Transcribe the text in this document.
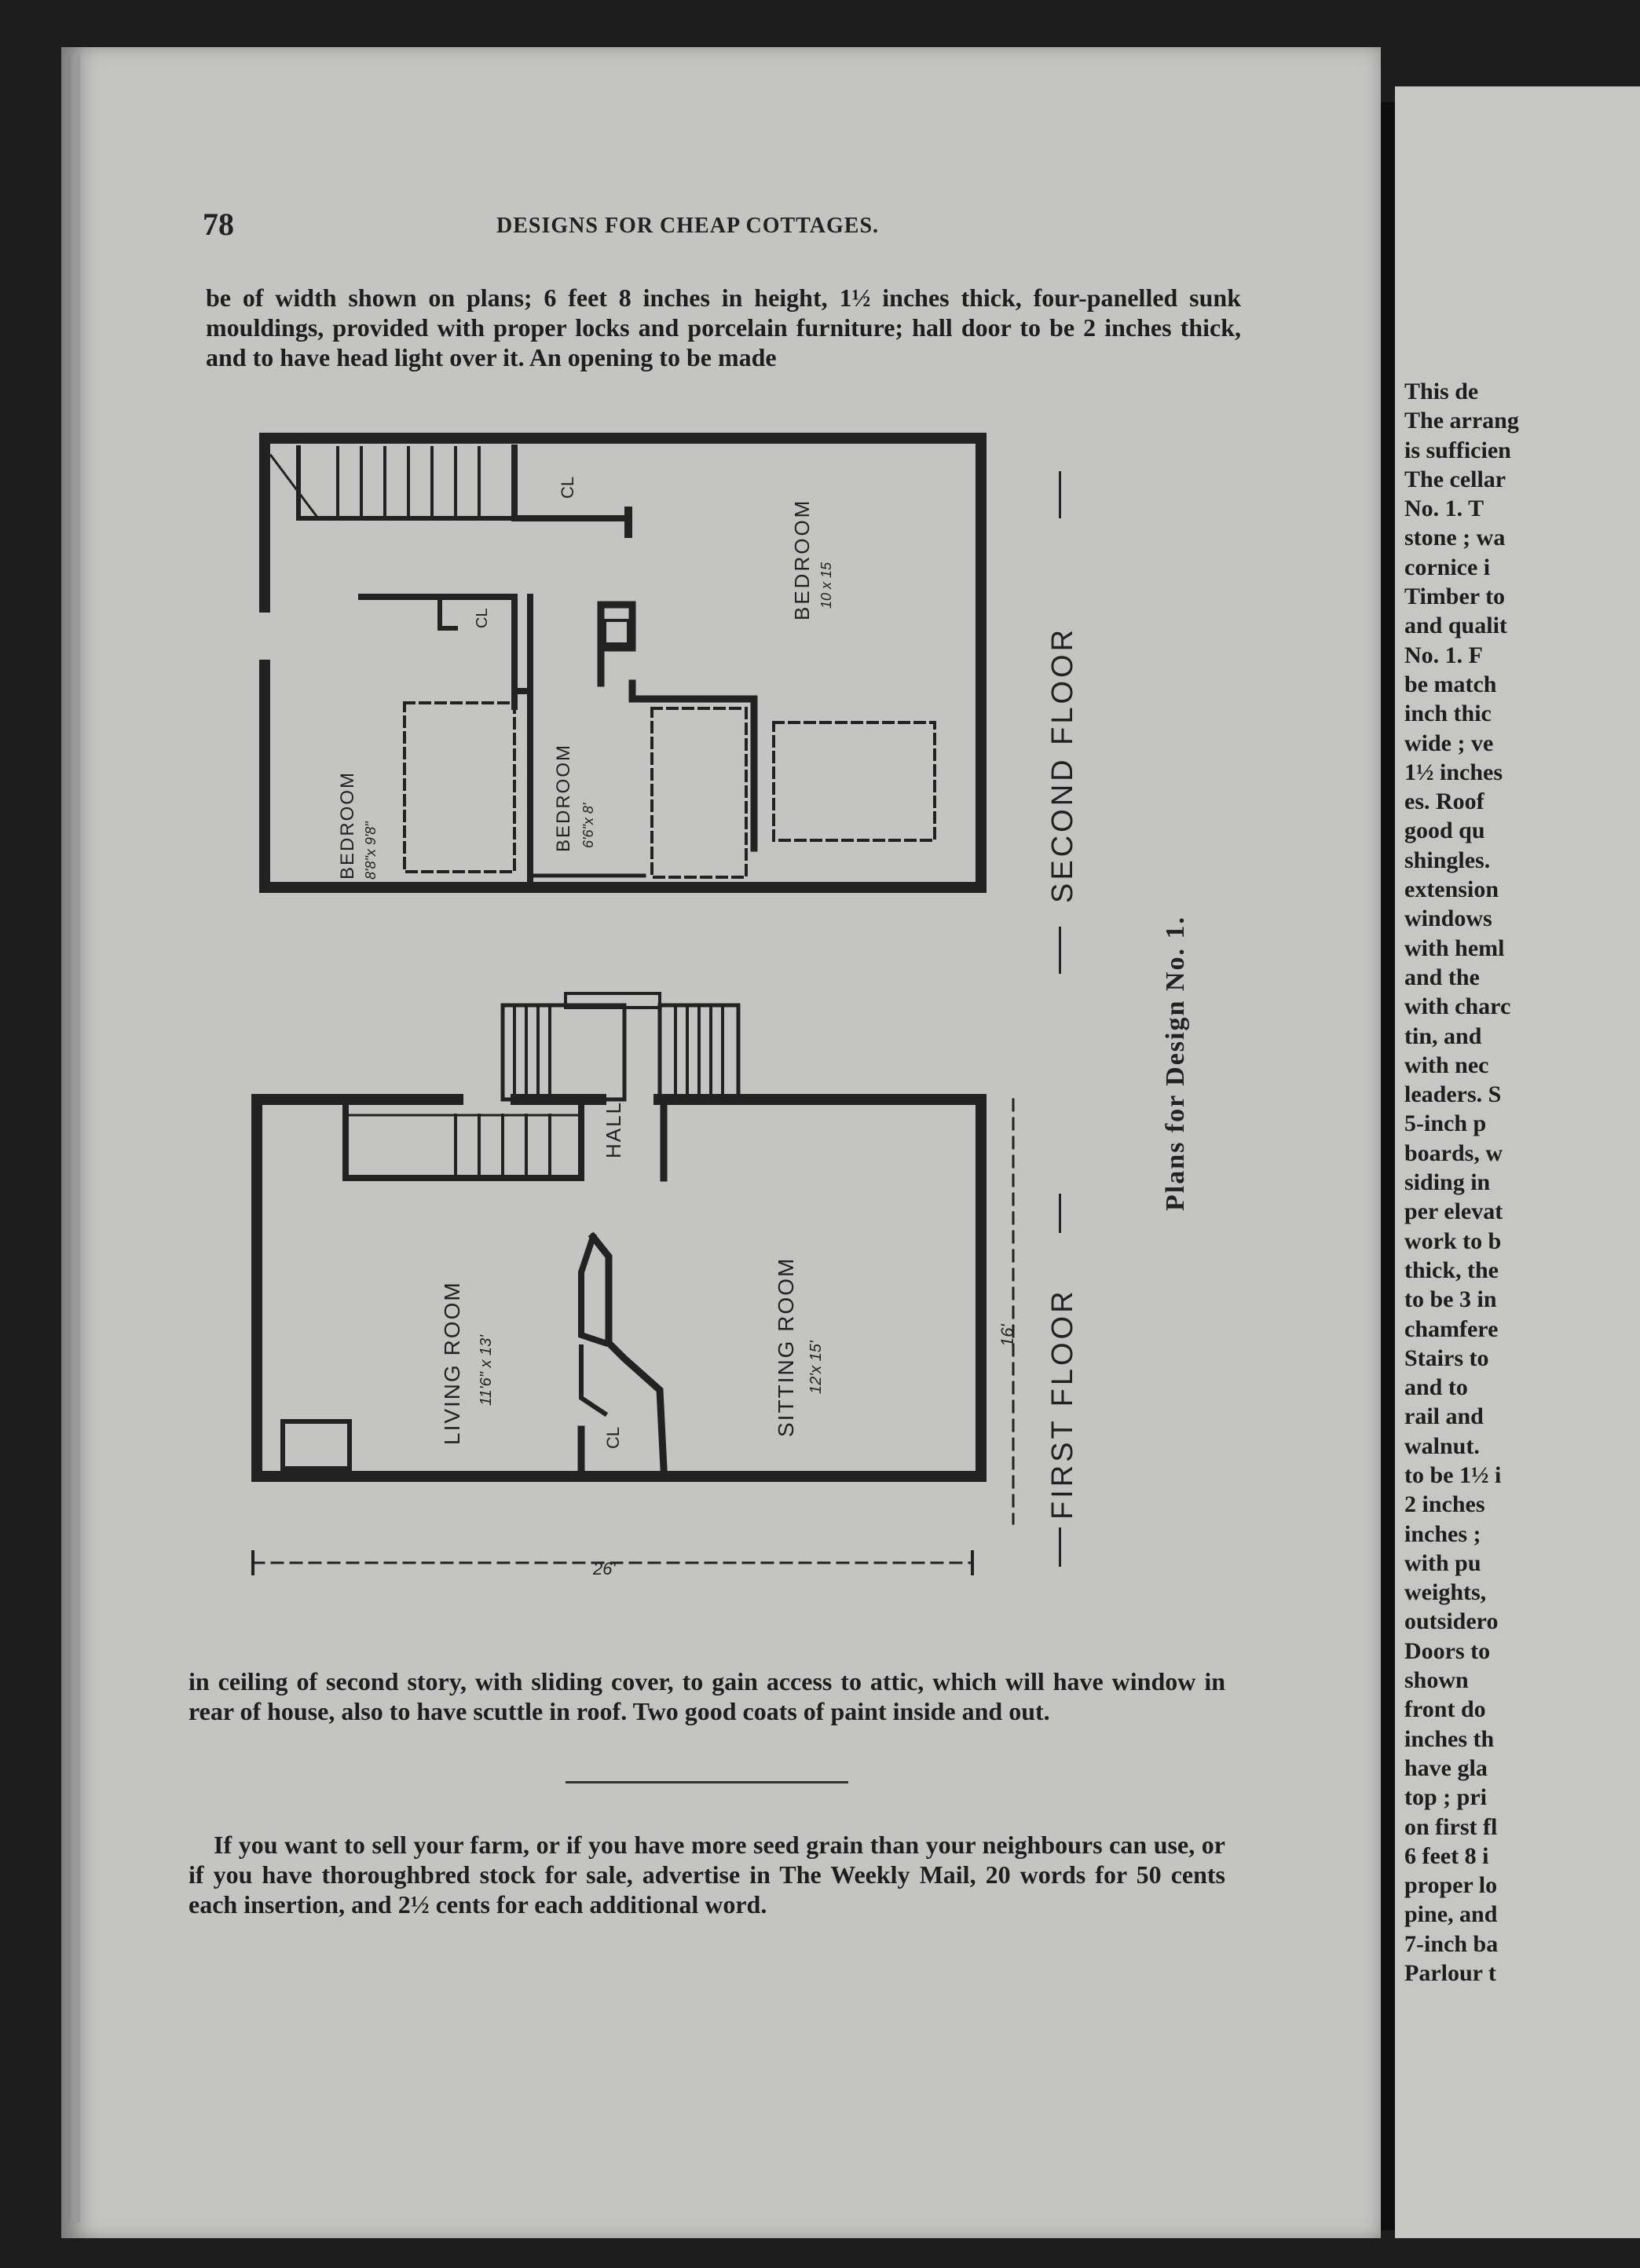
This de
The arrang
is sufficien
The cellar
No. 1. T
stone ; wa
cornice i
Timber to
and qualit
No. 1. F
be match
inch thic
wide ; ve
1½ inches
es. Roof
good qu
shingles.
extension
windows
with heml
and the
with charc
tin, and
with nec
leaders. S
5-inch p
boards, w
siding in
per elevat
work to b
thick, the
to be 3 in
chamfere
Stairs to
and to
rail and
walnut.
to be 1½ i
2 inches
inches ;
with pu
weights,
outsidero
Doors to
shown
front do
inches th
have gla
top ; pri
on first fl
6 feet 8 i
proper lo
pine, and
7-inch ba
Parlour t
78	DESIGNS FOR CHEAP COTTAGES.

be of width shown on plans; 6 feet 8 inches in height, 1½ inches thick, four-panelled sunk mouldings, provided with proper locks and porcelain furniture; hall door to be 2 inches thick, and to have head light over it. An opening to be made

BEDROOM 10 x 15
BEDROOM 8'8"x 9'8"	BEDROOM 6'6"x 8'
CL
CL
HALL
LIVING ROOM 11'6" x 13'	SITTING ROOM 12'x 15'
CL
26'
16'
SECOND FLOOR
FIRST FLOOR
Plans for Design No. 1.

in ceiling of second story, with sliding cover, to gain access to attic, which will have window in rear of house, also to have scuttle in roof. Two good coats of paint inside and out.

If you want to sell your farm, or if you have more seed grain than your neighbours can use, or if you have thoroughbred stock for sale, advertise in The Weekly Mail, 20 words for 50 cents each insertion, and 2½ cents for each additional word.
